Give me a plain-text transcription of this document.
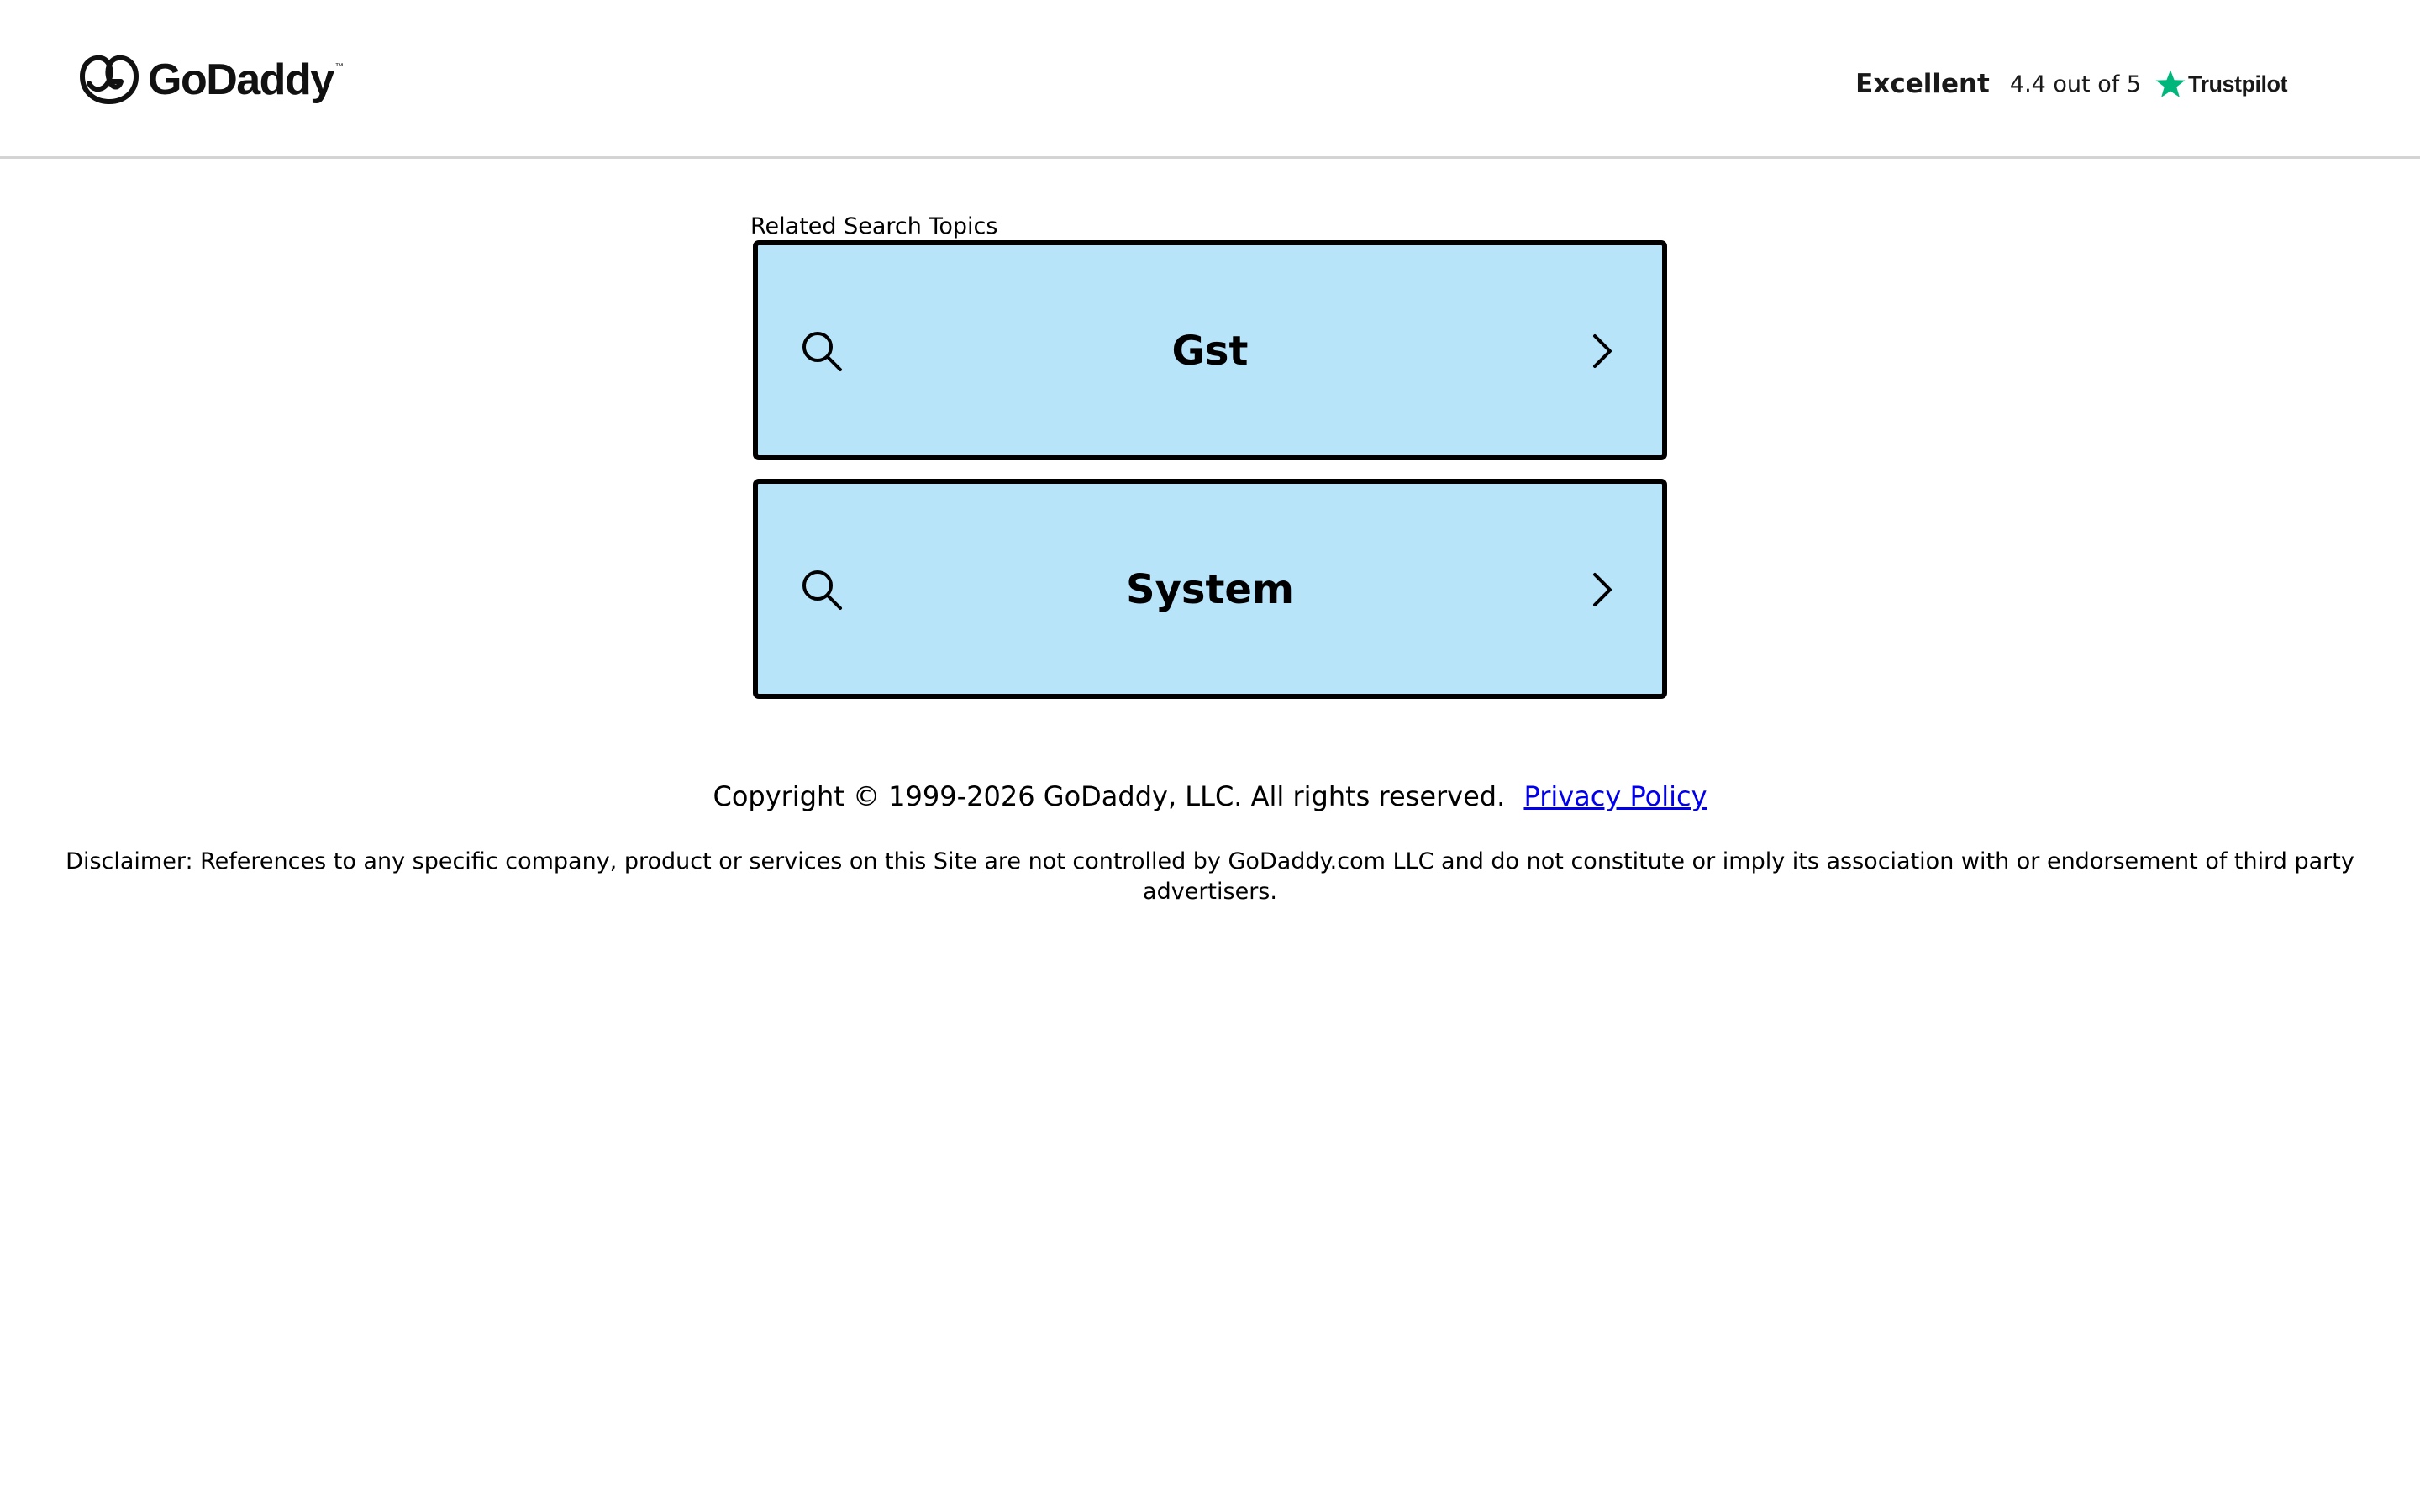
GoDaddy ™
Excellent 4.4 out of 5 Trustpilot
Related Search Topics
Gst
System
Copyright © 1999-2026 GoDaddy, LLC. All rights reserved. Privacy Policy
Disclaimer: References to any specific company, product or services on this Site are not controlled by GoDaddy.com LLC and do not constitute or imply its association with or endorsement of third party advertisers.
